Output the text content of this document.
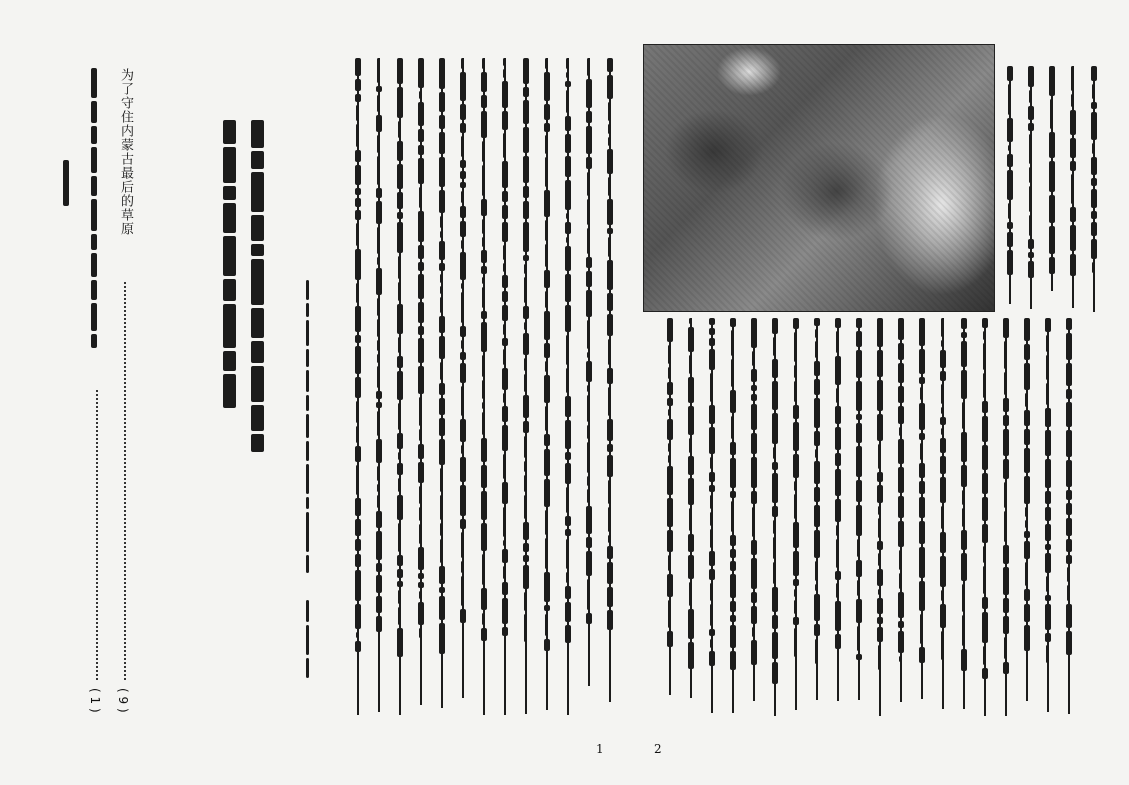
为了守住内蒙古最后的草原
( 9 )
( 1 )
1	2
